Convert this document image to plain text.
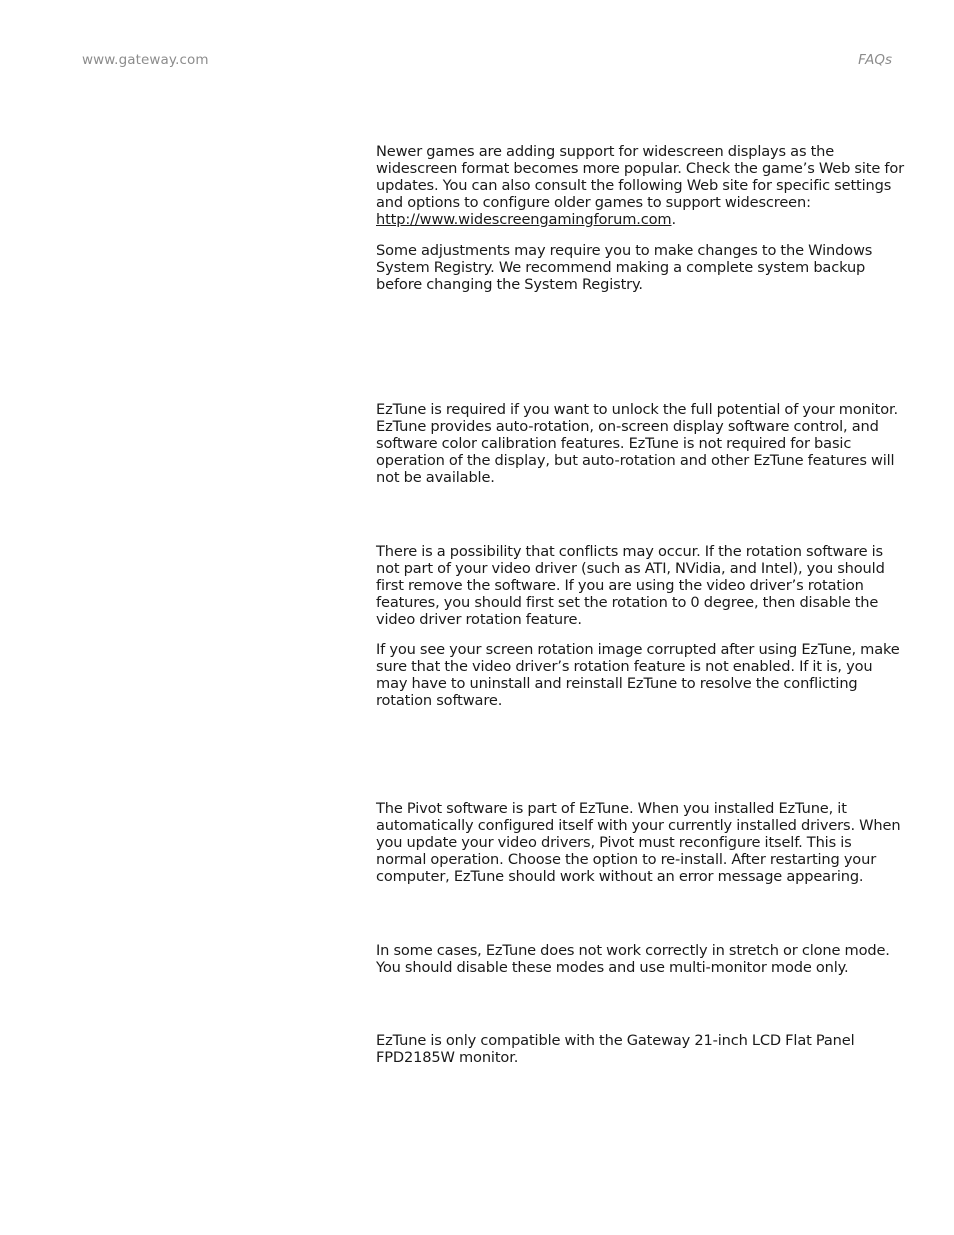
www.gateway.com	FAQs

Newer games are adding support for widescreen displays as the widescreen format becomes more popular. Check the game’s Web site for updates. You can also consult the following Web site for specific settings and options to configure older games to support widescreen: http://www.widescreengamingforum.com.

Some adjustments may require you to make changes to the Windows System Registry. We recommend making a complete system backup before changing the System Registry.

EzTune is required if you want to unlock the full potential of your monitor. EzTune provides auto-rotation, on-screen display software control, and software color calibration features. EzTune is not required for basic operation of the display, but auto-rotation and other EzTune features will not be available.

There is a possibility that conflicts may occur. If the rotation software is not part of your video driver (such as ATI, NVidia, and Intel), you should first remove the software. If you are using the video driver’s rotation features, you should first set the rotation to 0 degree, then disable the video driver rotation feature.

If you see your screen rotation image corrupted after using EzTune, make sure that the video driver’s rotation feature is not enabled. If it is, you may have to uninstall and reinstall EzTune to resolve the conflicting rotation software.

The Pivot software is part of EzTune. When you installed EzTune, it automatically configured itself with your currently installed drivers. When you update your video drivers, Pivot must reconfigure itself. This is normal operation. Choose the option to re-install. After restarting your computer, EzTune should work without an error message appearing.

In some cases, EzTune does not work correctly in stretch or clone mode. You should disable these modes and use multi-monitor mode only.

EzTune is only compatible with the Gateway 21-inch LCD Flat Panel FPD2185W monitor.
